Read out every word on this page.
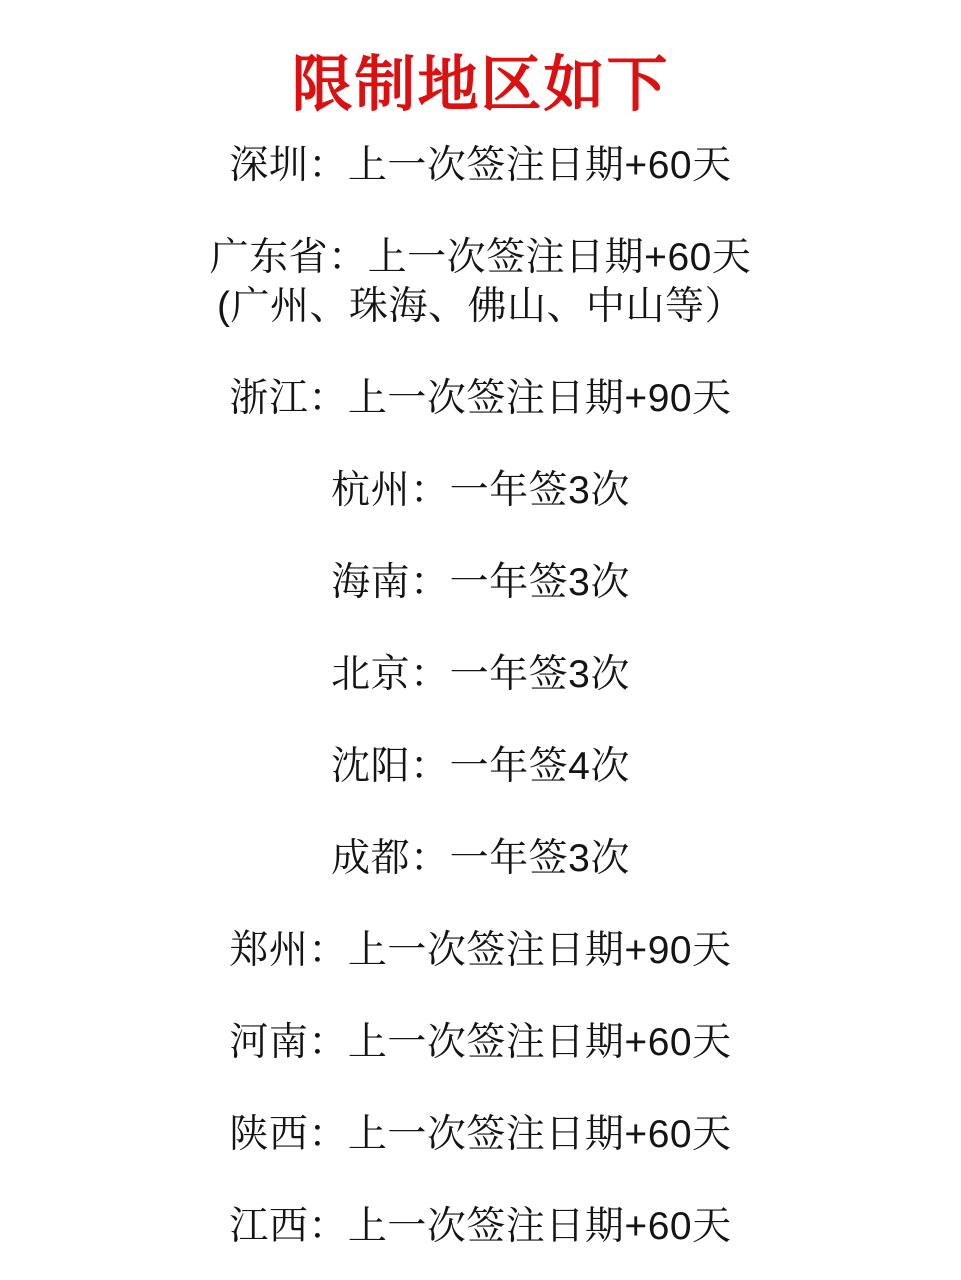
限制地区如下

深圳：上一次签注日期+60天

广东省：上一次签注日期+60天

(广州、珠海、佛山、中山等）

浙江：上一次签注日期+90天

杭州：一年签3次

海南：一年签3次

北京：一年签3次

沈阳：一年签4次

成都：一年签3次

郑州：上一次签注日期+90天

河南：上一次签注日期+60天

陕西：上一次签注日期+60天

江西：上一次签注日期+60天
